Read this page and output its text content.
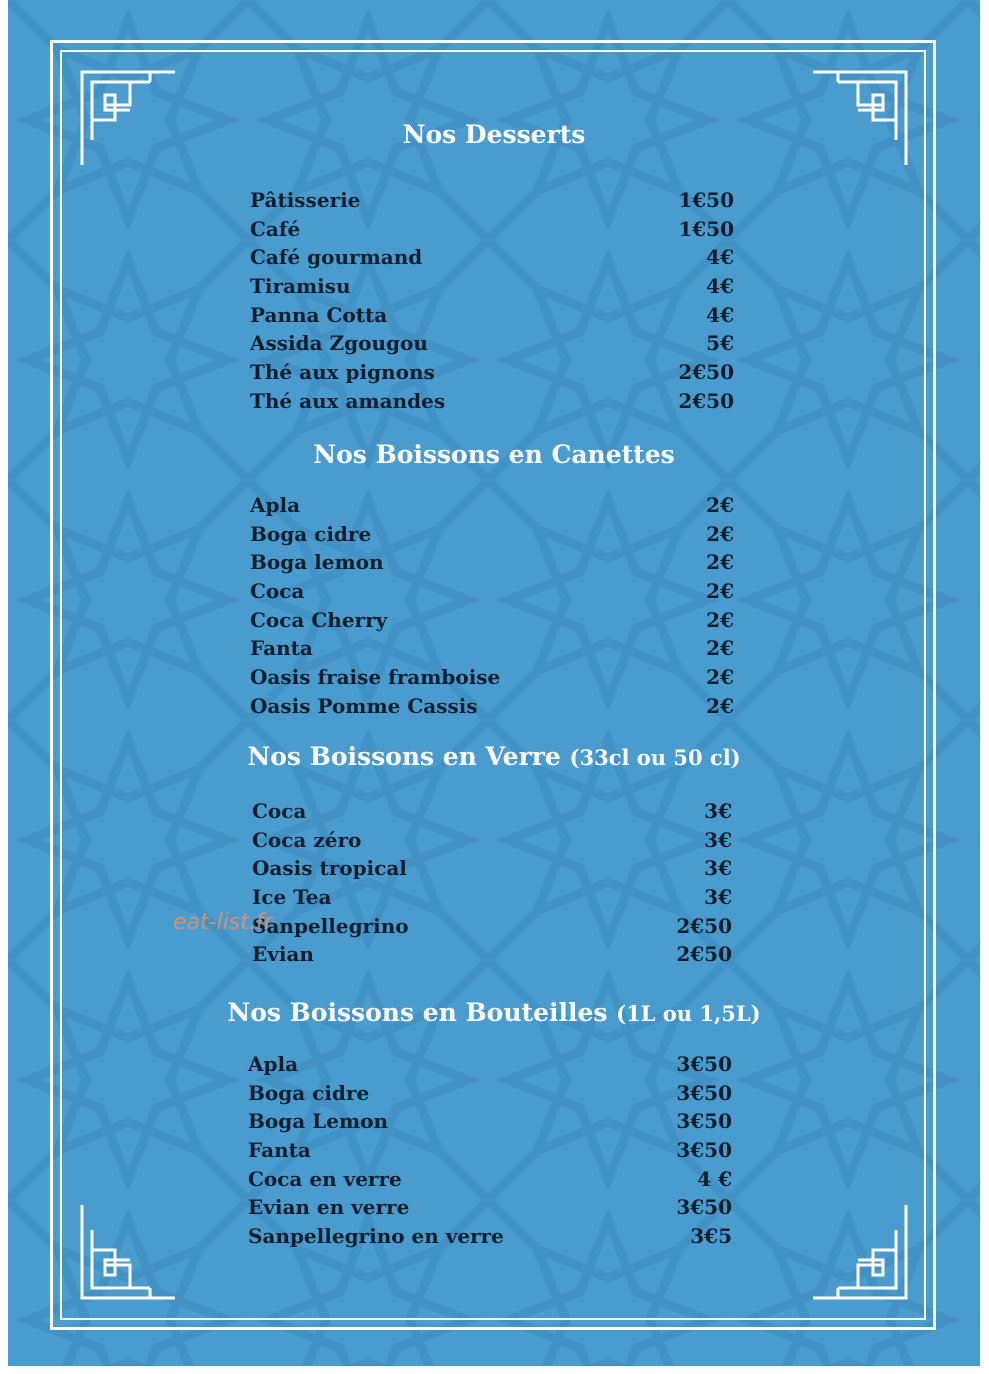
Nos Desserts
Pâtisserie	1€50
Café	1€50
Café gourmand	4€
Tiramisu	4€
Panna Cotta	4€
Assida Zgougou	5€
Thé aux pignons	2€50
Thé aux amandes	2€50
Nos Boissons en Canettes
Apla	2€
Boga cidre	2€
Boga lemon	2€
Coca	2€
Coca Cherry	2€
Fanta	2€
Oasis fraise framboise	2€
Oasis Pomme Cassis	2€
Nos Boissons en Verre (33cl ou 50 cl)
Coca	3€
Coca zéro	3€
Oasis tropical	3€
Ice Tea	3€
Sanpellegrino	2€50
Evian	2€50
Nos Boissons en Bouteilles (1L ou 1,5L)
Apla	3€50
Boga cidre	3€50
Boga Lemon	3€50
Fanta	3€50
Coca en verre	4 €
Evian en verre	3€50
Sanpellegrino en verre	3€5
eat-list.fr
